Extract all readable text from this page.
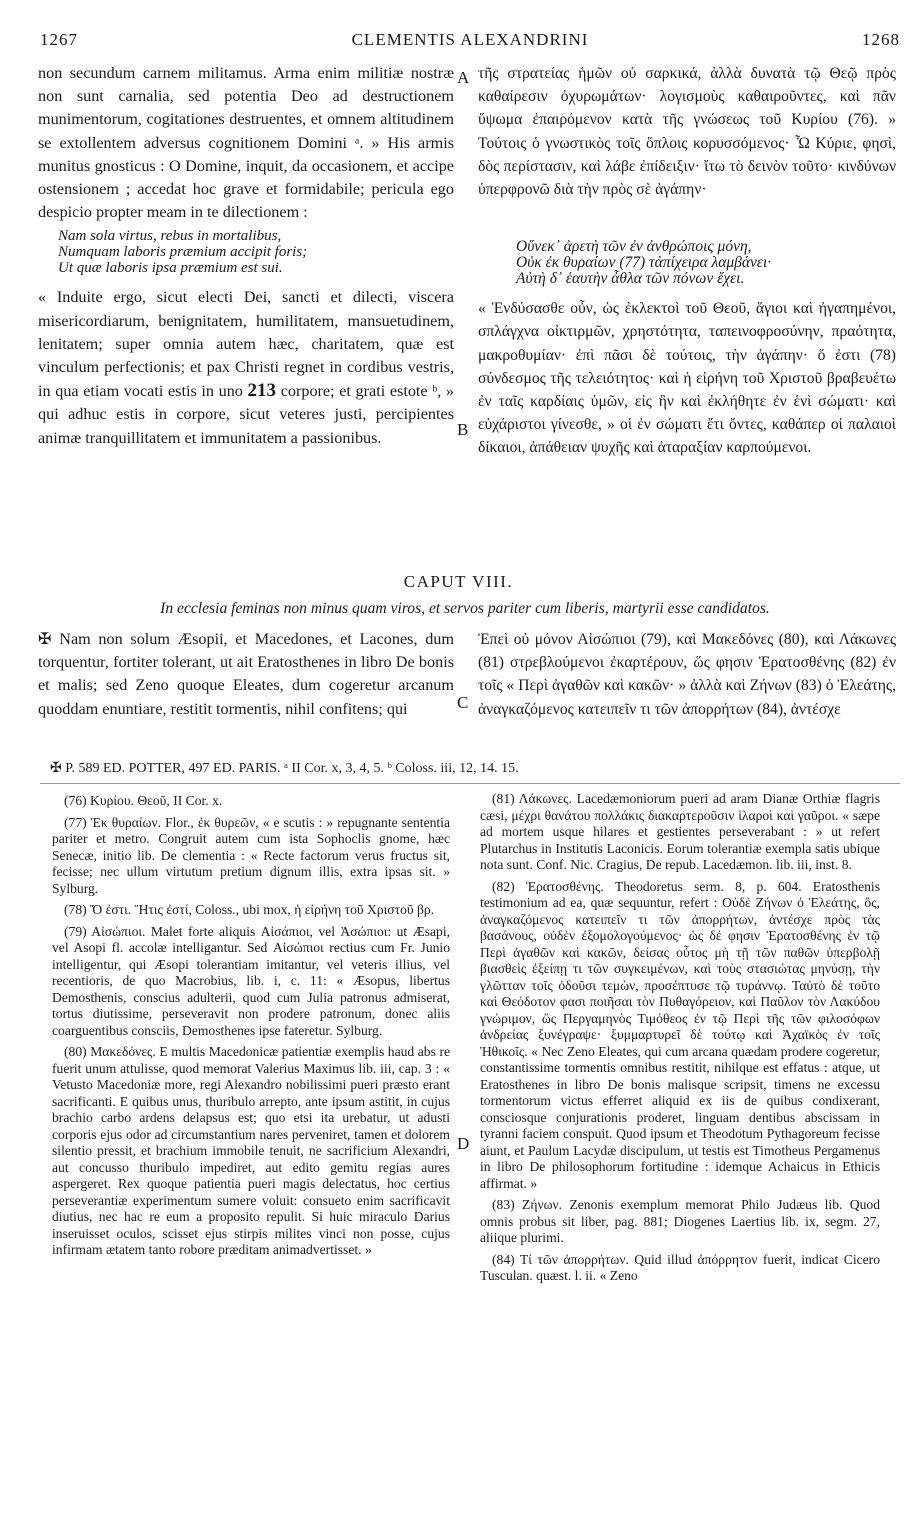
1267	CLEMENTIS ALEXANDRINI	1268
A
B
C
D

non secundum carnem militamus. Arma enim militiæ nostræ non sunt carnalia, sed potentia Deo ad destructionem munimentorum, cogitationes destruentes, et omnem altitudinem se extollentem adversus cognitionem Domini ᵃ. » His armis munitus gnosticus : O Domine, inquit, da occasionem, et accipe ostensionem ; accedat hoc grave et formidabile; pericula ego despicio propter meam in te dilectionem :

Nam sola virtus, rebus in mortalibus,
Numquam laboris præmium accipit foris;
Ut quæ laboris ipsa præmium est sui.

« Induite ergo, sicut electi Dei, sancti et dilecti, viscera misericordiarum, benignitatem, humilitatem, mansuetudinem, lenitatem; super omnia autem hæc, charitatem, quæ est vinculum perfectionis; et pax Christi regnet in cordibus vestris, in qua etiam vocati estis in uno 213 corpore; et grati estote ᵇ, » qui adhuc estis in corpore, sicut veteres justi, percipientes animæ tranquillitatem et immunitatem a passionibus.

τῆς στρατείας ἡμῶν οὐ σαρκικά, ἀλλὰ δυνατὰ τῷ Θεῷ πρὸς καθαίρεσιν ὀχυρωμάτων· λογισμοὺς καθαιροῦντες, καὶ πᾶν ὕψωμα ἐπαιρόμενον κατὰ τῆς γνώσεως τοῦ Κυρίου (76). » Τούτοις ὁ γνωστικὸς τοῖς ὅπλοις κορυσσόμενος· Ὦ Κύριε, φησὶ, δὸς περίστασιν, καὶ λάβε ἐπίδειξιν· ἴτω τὸ δεινὸν τοῦτο· κινδύνων ὑπερφρονῶ διὰ τὴν πρὸς σὲ ἀγάπην·

Οὕνεκ᾽ ἀρετὴ τῶν ἐν ἀνθρώποις μόνη,
Οὐκ ἐκ θυραίων (77) τἀπίχειρα λαμβάνει·
Αὐτὴ δ᾽ ἑαυτὴν ἆθλα τῶν πόνων ἔχει.

« Ἐνδύσασθε οὖν, ὡς ἐκλεκτοὶ τοῦ Θεοῦ, ἅγιοι καὶ ἠγαπημένοι, σπλάγχνα οἰκτιρμῶν, χρηστότητα, ταπεινοφροσύνην, πραότητα, μακροθυμίαν· ἐπὶ πᾶσι δὲ τούτοις, τὴν ἀγάπην· ὅ ἐστι (78) σύνδεσμος τῆς τελειότητος· καὶ ἡ εἰρήνη τοῦ Χριστοῦ βραβευέτω ἐν ταῖς καρδίαις ὑμῶν, εἰς ἣν καὶ ἐκλήθητε ἐν ἑνὶ σώματι· καὶ εὐχάριστοι γίνεσθε, » οἱ ἐν σώματι ἔτι ὄντες, καθάπερ οἱ παλαιοὶ δίκαιοι, ἀπάθειαν ψυχῆς καὶ ἀταραξίαν καρπούμενοι.

CAPUT VIII.
In ecclesia feminas non minus quam viros, et servos pariter cum liberis, martyrii esse candidatos.
✠ Nam non solum Æsopii, et Macedones, et Lacones, dum torquentur, fortiter tolerant, ut ait Eratosthenes in libro De bonis et malis; sed Zeno quoque Eleates, dum cogeretur arcanum quoddam enuntiare, restitit tormentis, nihil confitens; qui
Ἐπεὶ οὐ μόνον Αἰσώπιοι (79), καὶ Μακεδόνες (80), καὶ Λάκωνες (81) στρεβλούμενοι ἐκαρτέρουν, ὥς φησιν Ἐρατοσθένης (82) ἐν τοῖς « Περὶ ἀγαθῶν καὶ κακῶν· » ἀλλὰ καὶ Ζήνων (83) ὁ Ἐλεάτης, ἀναγκαζόμενος κατειπεῖν τι τῶν ἀπορρήτων (84), ἀντέσχε
✠ P. 589 ED. POTTER, 497 ED. PARIS. ᵃ II Cor. x, 3, 4, 5. ᵇ Coloss. iii, 12, 14. 15.

(76) Κυρίου. Θεοῦ, II Cor. x.

(77) Ἐκ θυραίων. Flor., ἐκ θυρεῶν, « e scutis : » repugnante sententia pariter et metro. Congruit autem cum ista Sophoclis gnome, hæc Senecæ, initio lib. De clementia : « Recte factorum verus fructus sit, fecisse; nec ullum virtutum pretium dignum illis, extra ipsas sit. » Sylburg.

(78) Ὅ ἐστι. Ἥτις ἐστί, Coloss., ubi mox, ἡ εἰρήνη τοῦ Χριστοῦ βρ.

(79) Αἰσώπιοι. Malet forte aliquis Αἰσάπιοι, vel Ἀσώπιοι: ut Æsapi, vel Asopi fl. accolæ intelligantur. Sed Αἰσώπιοι rectius cum Fr. Junio intelligentur, qui Æsopi tolerantiam imitantur, vel veteris illius, vel recentioris, de quo Macrobius, lib. i, c. 11: « Æsopus, libertus Demosthenis, conscius adulterii, quod cum Julia patronus admiserat, tortus diutissime, perseveravit non prodere patronum, donec aliis coarguentibus consciis, Demosthenes ipse fateretur. Sylburg.

(80) Μακεδόνες. E multis Macedonicæ patientiæ exemplis haud abs re fuerit unum attulisse, quod memorat Valerius Maximus lib. iii, cap. 3 : « Vetusto Macedoniæ more, regi Alexandro nobilissimi pueri præsto erant sacrificanti. E quibus unus, thuribulo arrepto, ante ipsum astitit, in cujus brachio carbo ardens delapsus est; quo etsi ita urebatur, ut adusti corporis ejus odor ad circumstantium nares perveniret, tamen et dolorem silentio pressit, et brachium immobile tenuit, ne sacrificium Alexandri, aut concusso thuribulo impediret, aut edito gemitu regias aures aspergeret. Rex quoque patientia pueri magis delectatus, hoc certius perseverantiæ experimentum sumere voluit: consueto enim sacrificavit diutius, nec hac re eum a proposito repulit. Si huic miraculo Darius inseruisset oculos, scisset ejus stirpis milites vinci non posse, cujus infirmam ætatem tanto robore præditam animadvertisset. »

(81) Λάκωνες. Lacedæmoniorum pueri ad aram Dianæ Orthiæ flagris cæsi, μέχρι θανάτου πολλάκις διακαρτεροῦσιν ἱλαροὶ καὶ γαῦροι. « sæpe ad mortem usque hilares et gestientes perseverabant : » ut refert Plutarchus in Institutis Laconicis. Eorum tolerantiæ exempla satis ubique nota sunt. Conf. Nic. Cragius, De repub. Lacedæmon. lib. iii, inst. 8.

(82) Ἐρατοσθένης. Theodoretus serm. 8, p. 604. Eratosthenis testimonium ad ea, quæ sequuntur, refert : Οὐδὲ Ζήνων ὁ Ἐλεάτης, ὃς, ἀναγκαζόμενος κατειπεῖν τι τῶν ἀπορρήτων, ἀντέσχε πρὸς τὰς βασάνους, οὐδὲν ἐξομολογούμενος· ὡς δέ φησιν Ἐρατοσθένης ἐν τῷ Περὶ ἀγαθῶν καὶ κακῶν, δείσας οὗτος μὴ τῇ τῶν παθῶν ὑπερβολῇ βιασθεὶς ἐξείπῃ τι τῶν συγκειμένων, καὶ τοὺς στασιώτας μηνύσῃ, τὴν γλῶτταν τοῖς ὀδοῦσι τεμὼν, προσέπτυσε τῷ τυράννῳ. Ταὐτὸ δὲ τοῦτο καὶ Θεόδοτον φασι ποιῆσαι τὸν Πυθαγόρειον, καὶ Παῦλον τὸν Λακύδου γνώριμον, ὥς Περγαμηνὸς Τιμόθεος ἐν τῷ Περὶ τῆς τῶν φιλοσόφων ἀνδρείας ξυνέγραψε· ξυμμαρτυρεῖ δὲ τούτῳ καὶ Ἀχαϊκὸς ἐν τοῖς Ἠθικοῖς. « Nec Zeno Eleates, qui cum arcana quædam prodere cogeretur, constantissime tormentis omnibus restitit, nihilque est effatus : atque, ut Eratosthenes in libro De bonis malisque scripsit, timens ne excessu tormentorum victus efferret aliquid ex iis de quibus condixerant, consciosque conjurationis proderet, linguam dentibus abscissam in tyranni faciem conspuit. Quod ipsum et Theodotum Pythagoreum fecisse aiunt, et Paulum Lacydæ discipulum, ut testis est Timotheus Pergamenus in libro De philosophorum fortitudine : idemque Achaicus in Ethicis affirmat. »

(83) Ζήνων. Zenonis exemplum memorat Philo Judæus lib. Quod omnis probus sit liber, pag. 881; Diogenes Laertius lib. ix, segm. 27, aliique plurimi.

(84) Τί τῶν ἀπορρήτων. Quid illud ἀπόρρητον fuerit, indicat Cicero Tusculan. quæst. l. ii. « Zeno
